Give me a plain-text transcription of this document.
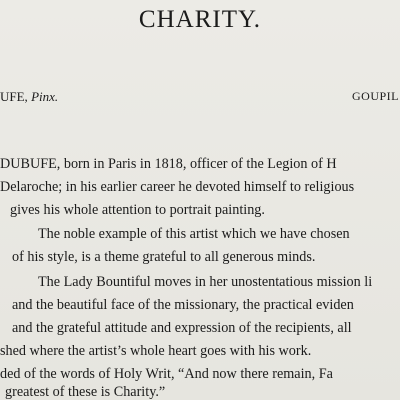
CHARITY.
UFE, Pinx.	GOUPIL
DUBUFE, born in Paris in 1818, officer of the Legion of H
Delaroche; in his earlier career he devoted himself to religious
gives his whole attention to portrait painting.
The noble example of this artist which we have chosen
of his style, is a theme grateful to all generous minds.
The Lady Bountiful moves in her unostentatious mission li
and the beautiful face of the missionary, the practical eviden
and the grateful attitude and expression of the recipients, all
shed where the artist’s whole heart goes with his work.
ded of the words of Holy Writ, “And now there remain, Fa
greatest of these is Charity.”
